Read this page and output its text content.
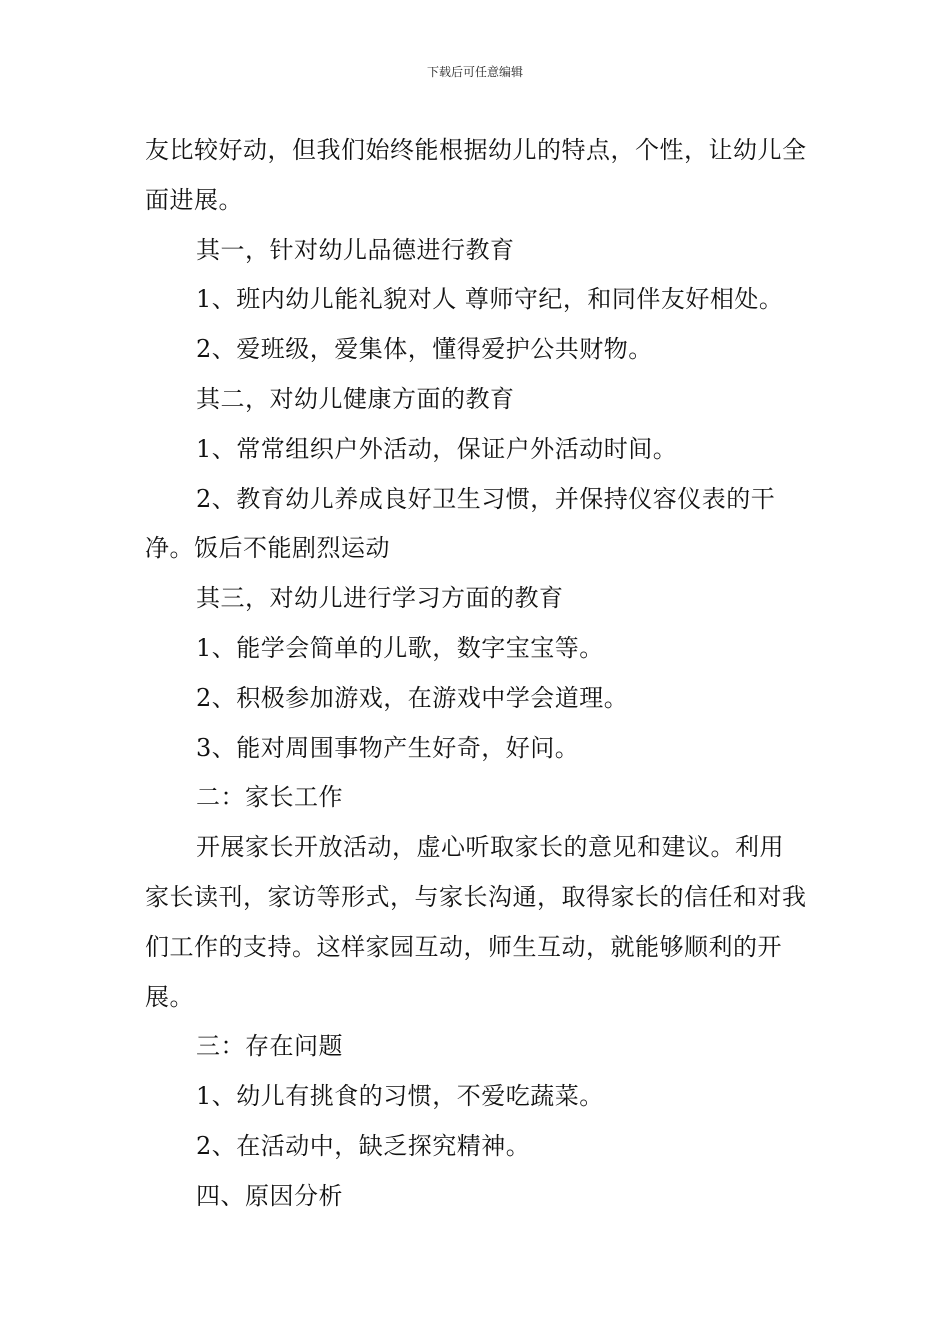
下载后可任意编辑

友比较好动，但我们始终能根据幼儿的特点，个性，让幼儿全面进展。

其一，针对幼儿品德进行教育

1、班内幼儿能礼貌对人 尊师守纪，和同伴友好相处。

2、爱班级，爱集体，懂得爱护公共财物。

其二，对幼儿健康方面的教育

1、常常组织户外活动，保证户外活动时间。

2、教育幼儿养成良好卫生习惯，并保持仪容仪表的干净。饭后不能剧烈运动

其三，对幼儿进行学习方面的教育

1、能学会简单的儿歌，数字宝宝等。

2、积极参加游戏，在游戏中学会道理。

3、能对周围事物产生好奇，好问。

二：家长工作

开展家长开放活动，虚心听取家长的意见和建议。利用家长读刊，家访等形式，与家长沟通，取得家长的信任和对我们工作的支持。这样家园互动，师生互动，就能够顺利的开展。

三：存在问题

1、幼儿有挑食的习惯，不爱吃蔬菜。

2、在活动中，缺乏探究精神。

四、原因分析
